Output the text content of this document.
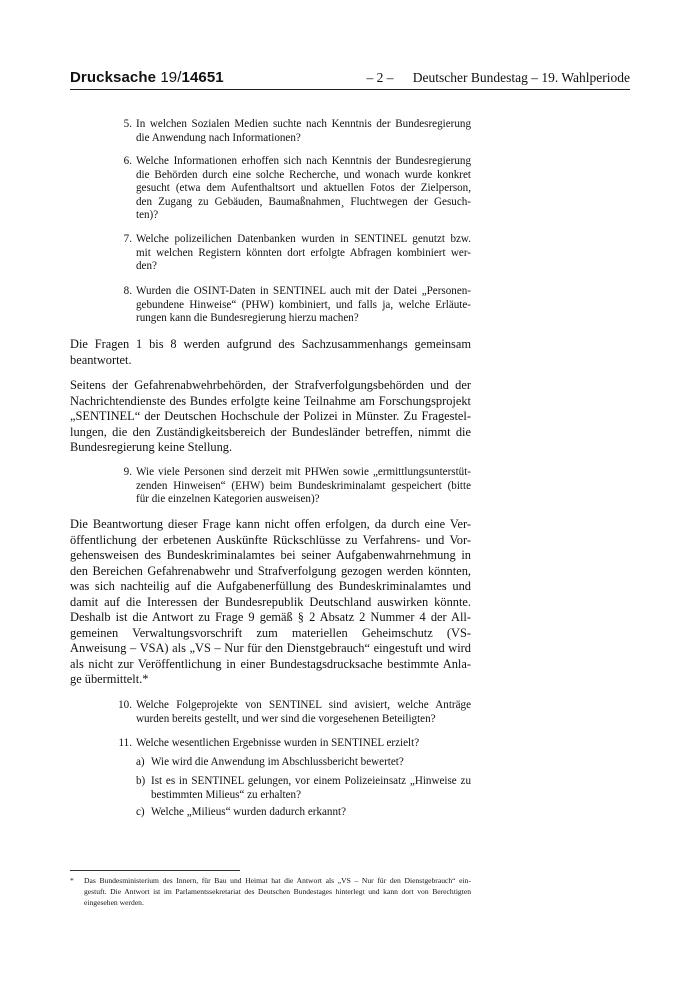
Drucksache 19/14651	– 2 –	Deutscher Bundestag – 19. Wahlperiode
5. In welchen Sozialen Medien suchte nach Kenntnis der Bundesregierung
die Anwendung nach Informationen?
6. Welche Informationen erhoffen sich nach Kenntnis der Bundesregierung
die Behörden durch eine solche Recherche, und wonach wurde konkret
gesucht (etwa dem Aufenthaltsort und aktuellen Fotos der Zielperson,
den Zugang zu Gebäuden, Baumaßnahmen¸ Fluchtwegen der Gesuch-
ten)?
7. Welche polizeilichen Datenbanken wurden in SENTINEL genutzt bzw.
mit welchen Registern könnten dort erfolgte Abfragen kombiniert wer-
den?
8. Wurden die OSINT-Daten in SENTINEL auch mit der Datei „Personen-
gebundene Hinweise“ (PHW) kombiniert, und falls ja, welche Erläute-
rungen kann die Bundesregierung hierzu machen?
Die Fragen 1 bis 8 werden aufgrund des Sachzusammenhangs gemeinsam
beantwortet.
Seitens der Gefahrenabwehrbehörden, der Strafverfolgungsbehörden und der
Nachrichtendienste des Bundes erfolgte keine Teilnahme am Forschungsprojekt
„SENTINEL“ der Deutschen Hochschule der Polizei in Münster. Zu Fragestel-
lungen, die den Zuständigkeitsbereich der Bundesländer betreffen, nimmt die
Bundesregierung keine Stellung.
9. Wie viele Personen sind derzeit mit PHWen sowie „ermittlungsunterstüt-
zenden Hinweisen“ (EHW) beim Bundeskriminalamt gespeichert (bitte
für die einzelnen Kategorien ausweisen)?
Die Beantwortung dieser Frage kann nicht offen erfolgen, da durch eine Ver-
öffentlichung der erbetenen Auskünfte Rückschlüsse zu Verfahrens- und Vor-
gehensweisen des Bundeskriminalamtes bei seiner Aufgabenwahrnehmung in
den Bereichen Gefahrenabwehr und Strafverfolgung gezogen werden könnten,
was sich nachteilig auf die Aufgabenerfüllung des Bundeskriminalamtes und
damit auf die Interessen der Bundesrepublik Deutschland auswirken könnte.
Deshalb ist die Antwort zu Frage 9 gemäß § 2 Absatz 2 Nummer 4 der All-
gemeinen Verwaltungsvorschrift zum materiellen Geheimschutz (VS-
Anweisung – VSA) als „VS – Nur für den Dienstgebrauch“ eingestuft und wird
als nicht zur Veröffentlichung in einer Bundestagsdrucksache bestimmte Anla-
ge übermittelt.*
10. Welche Folgeprojekte von SENTINEL sind avisiert, welche Anträge
wurden bereits gestellt, und wer sind die vorgesehenen Beteiligten?
11. Welche wesentlichen Ergebnisse wurden in SENTINEL erzielt?
a) Wie wird die Anwendung im Abschlussbericht bewertet?
b) Ist es in SENTINEL gelungen, vor einem Polizeieinsatz „Hinweise zu
bestimmten Milieus“ zu erhalten?
c) Welche „Milieus“ wurden dadurch erkannt?
* Das Bundesministerium des Innern, für Bau und Heimat hat die Antwort als „VS – Nur für den Dienstgebrauch“ ein-
gestuft. Die Antwort ist im Parlamentssekretariat des Deutschen Bundestages hinterlegt und kann dort von Berechtigten
eingesehen werden.
